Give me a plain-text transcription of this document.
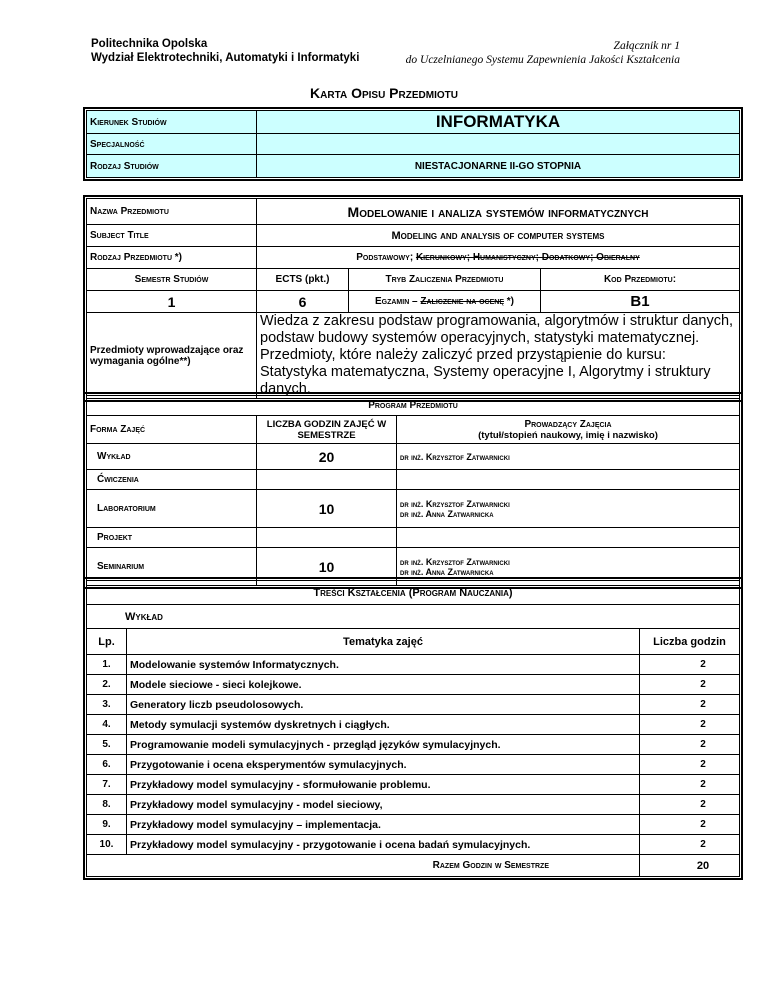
Politechnika Opolska
Wydział Elektrotechniki, Automatyki i Informatyki
Załącznik nr 1
do Uczelnianego Systemu Zapewnienia Jakości Kształcenia
Karta Opisu Przedmiotu
Kierunek Studiów	INFORMATYKA
Specjalność	
Rodzaj Studiów	NIESTACJONARNE II-GO STOPNIA
Nazwa Przedmiotu	Modelowanie i analiza systemów informatycznych		
Subject Title	Modeling and analysis of computer systems		
Rodzaj Przedmiotu *)	Podstawowy; Kierunkowy; Humanistyczny; Dodatkowy; Obieralny		
Semestr Studiów	ECTS (pkt.)	Tryb Zaliczenia Przedmiotu	Kod Przedmiotu:
1	6	Egzamin – Zaliczenie na ocenę *)	B1
Przedmioty wprowadzające oraz wymagania ogólne**)	Wiedza z zakresu podstaw programowania, algorytmów i struktur danych, podstaw budowy systemów operacyjnych, statystyki matematycznej. Przedmioty, które należy zaliczyć przed przystąpienie do kursu: Statystyka matematyczna, Systemy operacyjne I, Algorytmy i struktury danych.		
Program Przedmiotu		
Forma Zajęć	LICZBA GODZIN ZAJĘĆ W SEMESTRZE	Prowadzący Zajęcia
(tytuł/stopień naukowy, imię i nazwisko)

Wykład	20	dr inż. Krzysztof Zatwarnicki

Ćwiczenia		

Laboratorium	10	dr inż. Krzysztof Zatwarnicki
dr inż. Anna Zatwarnicka

Projekt		

Seminarium	10	dr inż. Krzysztof Zatwarnicki
dr inż. Anna Zatwarnicka
Treści Kształcenia (Program Nauczania)		
Wykład		
Lp.	Tematyka zajęć	Liczba godzin
1.	Modelowanie systemów Informatycznych.	2
2.	Modele sieciowe - sieci kolejkowe.	2
3.	Generatory liczb pseudolosowych.	2
4.	Metody symulacji systemów dyskretnych i ciągłych.	2
5.	Programowanie modeli symulacyjnych - przegląd języków symulacyjnych.	2
6.	Przygotowanie i ocena eksperymentów symulacyjnych.	2
7.	Przykładowy model symulacyjny - sformułowanie problemu.	2
8.	Przykładowy model symulacyjny - model sieciowy,	2
9.	Przykładowy model symulacyjny – implementacja.	2
10.	Przykładowy model symulacyjny - przygotowanie i ocena badań symulacyjnych.	2
Razem Godzin w Semestrze		20
